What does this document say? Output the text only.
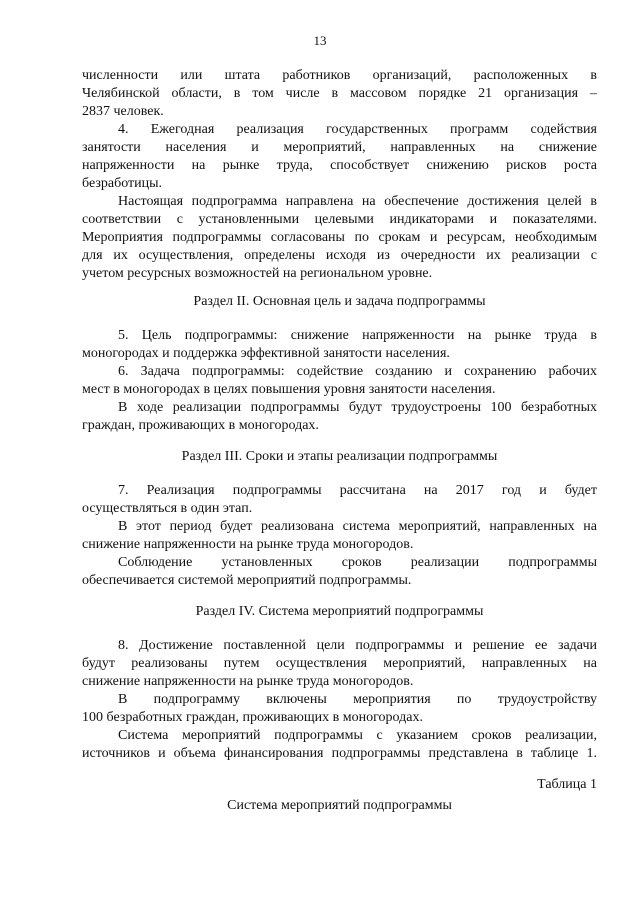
13
численности или штата работников организаций, расположенных в
Челябинской области, в том числе в массовом порядке 21 организация –
2837 человек.
4. Ежегодная реализация государственных программ содействия
занятости населения и мероприятий, направленных на снижение
напряженности на рынке труда, способствует снижению рисков роста
безработицы.
Настоящая подпрограмма направлена на обеспечение достижения целей в
соответствии с установленными целевыми индикаторами и показателями.
Мероприятия подпрограммы согласованы по срокам и ресурсам, необходимым
для их осуществления, определены исходя из очередности их реализации с
учетом ресурсных возможностей на региональном уровне.
Раздел II. Основная цель и задача подпрограммы
5. Цель подпрограммы: снижение напряженности на рынке труда в
моногородах и поддержка эффективной занятости населения.
6. Задача подпрограммы: содействие созданию и сохранению рабочих
мест в моногородах в целях повышения уровня занятости населения.
В ходе реализации подпрограммы будут трудоустроены 100 безработных
граждан, проживающих в моногородах.
Раздел III. Сроки и этапы реализации подпрограммы
7. Реализация подпрограммы рассчитана на 2017 год и будет
осуществляться в один этап.
В этот период будет реализована система мероприятий, направленных на
снижение напряженности на рынке труда моногородов.
Соблюдение установленных сроков реализации подпрограммы
обеспечивается системой мероприятий подпрограммы.
Раздел IV. Система мероприятий подпрограммы
8. Достижение поставленной цели подпрограммы и решение ее задачи
будут реализованы путем осуществления мероприятий, направленных на
снижение напряженности на рынке труда моногородов.
В подпрограмму включены мероприятия по трудоустройству
100 безработных граждан, проживающих в моногородах.
Система мероприятий подпрограммы с указанием сроков реализации,
источников и объема финансирования подпрограммы представлена в таблице 1.
Таблица 1
Система мероприятий подпрограммы
